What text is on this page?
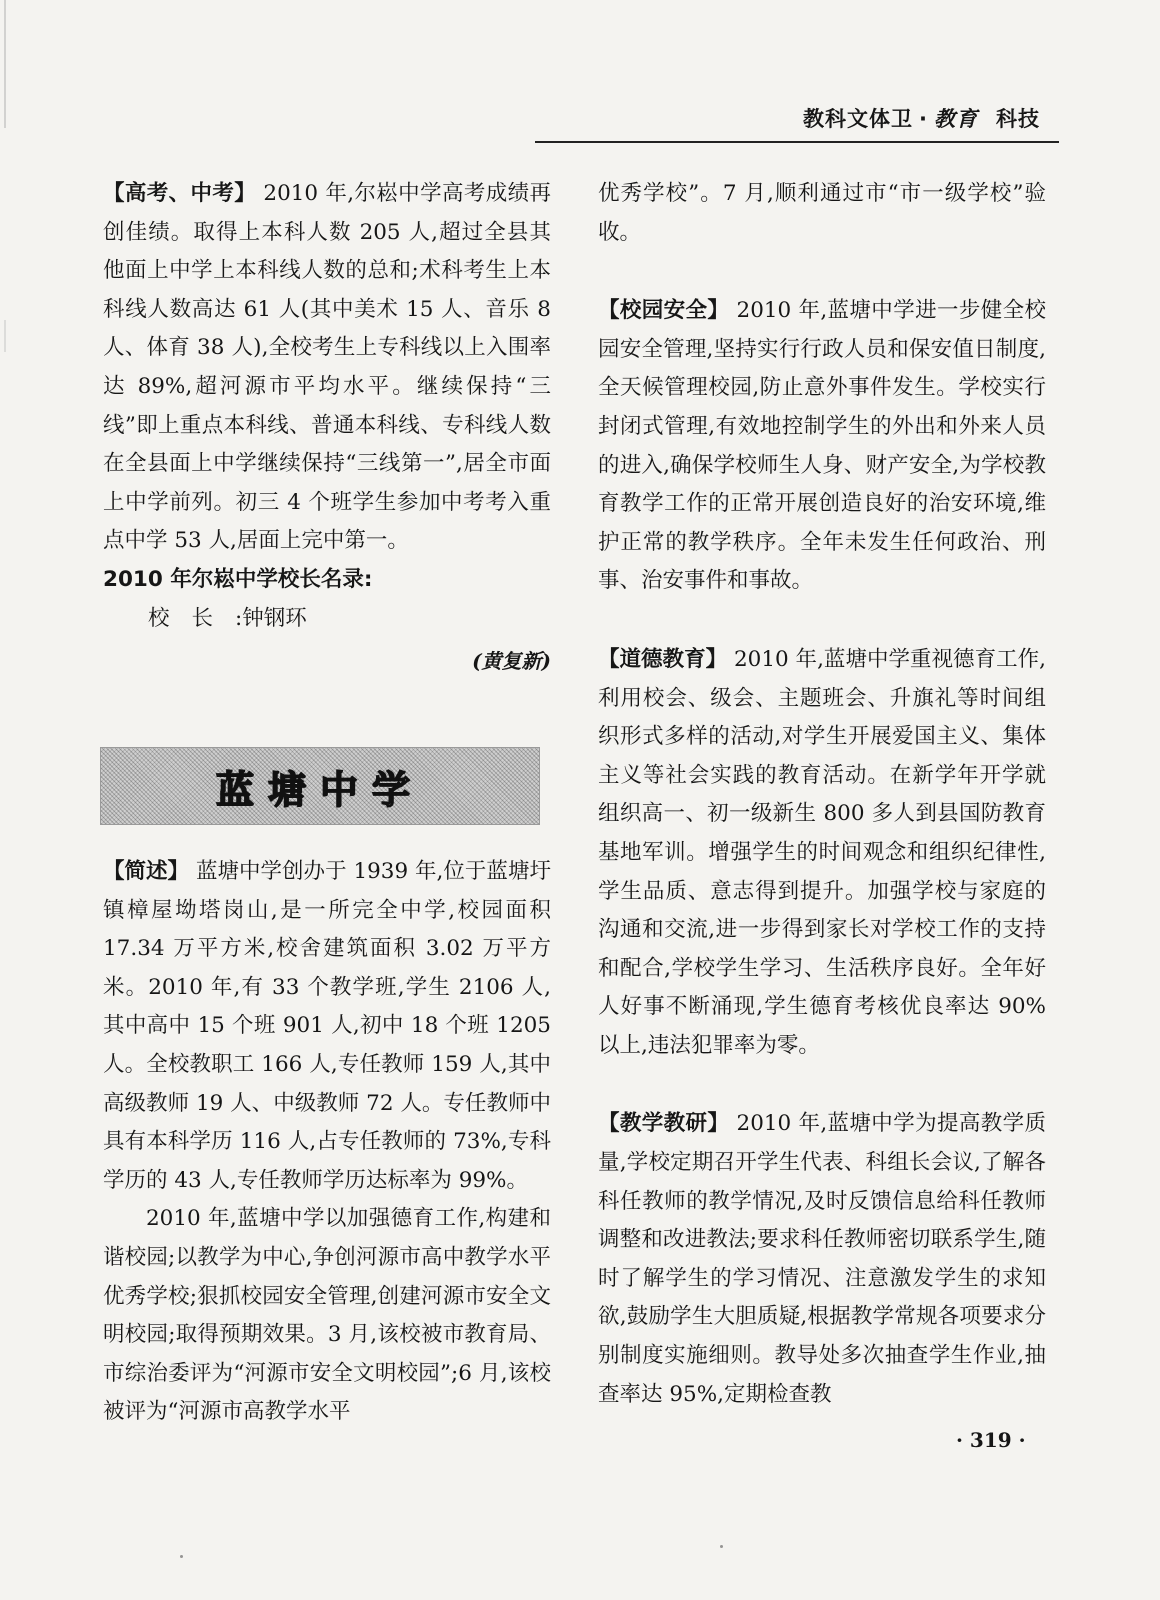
教科文体卫 · 教育 科技

【高考、中考】 2010 年,尔崧中学高考成绩再创佳绩。取得上本科人数 205 人,超过全县其他面上中学上本科线人数的总和;术科考生上本科线人数高达 61 人(其中美术 15 人、音乐 8 人、体育 38 人),全校考生上专科线以上入围率达 89%,超河源市平均水平。继续保持“三线”即上重点本科线、普通本科线、专科线人数在全县面上中学继续保持“三线第一”,居全市面上中学前列。初三 4 个班学生参加中考考入重点中学 53 人,居面上完中第一。

2010 年尔崧中学校长名录:

校长:钟钢环

(黄复新)

蓝塘中学

【简述】 蓝塘中学创办于 1939 年,位于蓝塘圩镇樟屋坳塔岗山,是一所完全中学,校园面积 17.34 万平方米,校舍建筑面积 3.02 万平方米。2010 年,有 33 个教学班,学生 2106 人,其中高中 15 个班 901 人,初中 18 个班 1205 人。全校教职工 166 人,专任教师 159 人,其中高级教师 19 人、中级教师 72 人。专任教师中具有本科学历 116 人,占专任教师的 73%,专科学历的 43 人,专任教师学历达标率为 99%。

2010 年,蓝塘中学以加强德育工作,构建和谐校园;以教学为中心,争创河源市高中教学水平优秀学校;狠抓校园安全管理,创建河源市安全文明校园;取得预期效果。3 月,该校被市教育局、市综治委评为“河源市安全文明校园”;6 月,该校被评为“河源市高教学水平

优秀学校”。7 月,顺利通过市“市一级学校”验收。

【校园安全】 2010 年,蓝塘中学进一步健全校园安全管理,坚持实行行政人员和保安值日制度,全天候管理校园,防止意外事件发生。学校实行封闭式管理,有效地控制学生的外出和外来人员的进入,确保学校师生人身、财产安全,为学校教育教学工作的正常开展创造良好的治安环境,维护正常的教学秩序。全年未发生任何政治、刑事、治安事件和事故。

【道德教育】 2010 年,蓝塘中学重视德育工作,利用校会、级会、主题班会、升旗礼等时间组织形式多样的活动,对学生开展爱国主义、集体主义等社会实践的教育活动。在新学年开学就组织高一、初一级新生 800 多人到县国防教育基地军训。增强学生的时间观念和组织纪律性,学生品质、意志得到提升。加强学校与家庭的沟通和交流,进一步得到家长对学校工作的支持和配合,学校学生学习、生活秩序良好。全年好人好事不断涌现,学生德育考核优良率达 90%以上,违法犯罪率为零。

【教学教研】 2010 年,蓝塘中学为提高教学质量,学校定期召开学生代表、科组长会议,了解各科任教师的教学情况,及时反馈信息给科任教师调整和改进教法;要求科任教师密切联系学生,随时了解学生的学习情况、注意激发学生的求知欲,鼓励学生大胆质疑,根据教学常规各项要求分别制度实施细则。教导处多次抽查学生作业,抽查率达 95%,定期检查教

· 319 ·
